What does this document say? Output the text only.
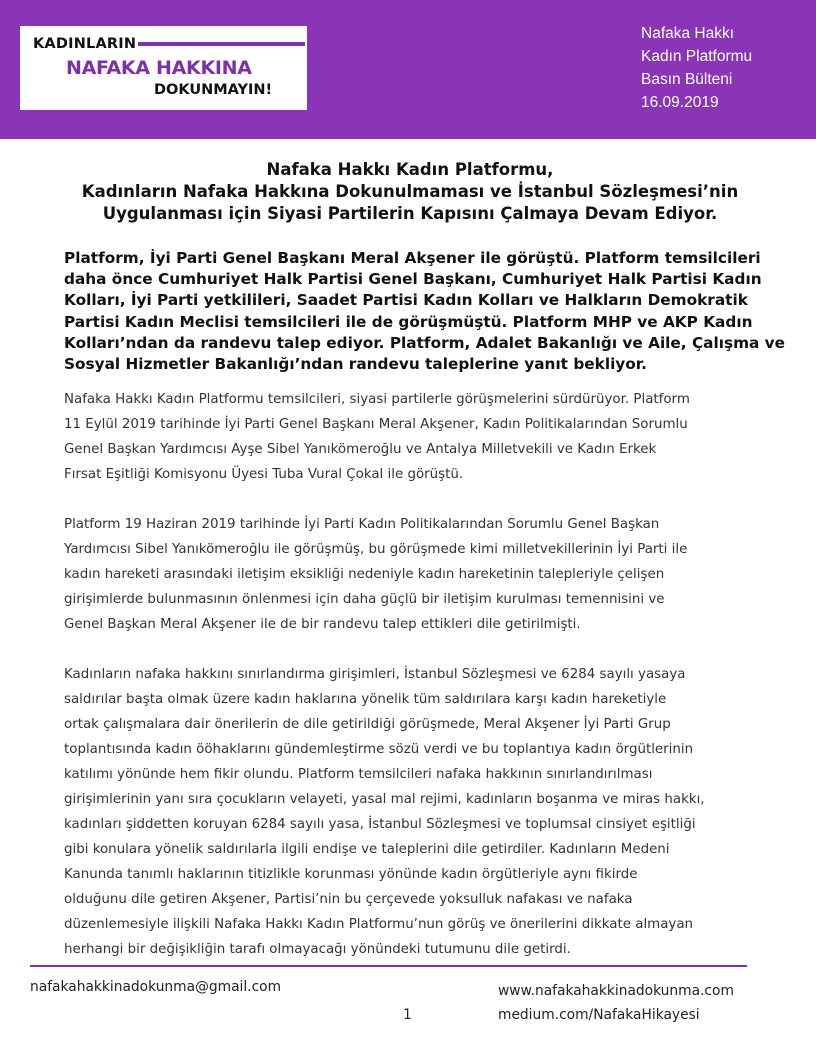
KADINLARIN
NAFAKA HAKKINA
DOKUNMAYIN!
Nafaka Hakkı
Kadın Platformu
Basın Bülteni
16.09.2019
Nafaka Hakkı Kadın Platformu,
Kadınların Nafaka Hakkına Dokunulmaması ve İstanbul Sözleşmesi’nin
Uygulanması için Siyasi Partilerin Kapısını Çalmaya Devam Ediyor.
Platform, İyi Parti Genel Başkanı Meral Akşener ile görüştü. Platform temsilcileri
daha önce Cumhuriyet Halk Partisi Genel Başkanı, Cumhuriyet Halk Partisi Kadın
Kolları, İyi Parti yetkilileri, Saadet Partisi Kadın Kolları ve Halkların Demokratik
Partisi Kadın Meclisi temsilcileri ile de görüşmüştü. Platform MHP ve AKP Kadın
Kolları’ndan da randevu talep ediyor. Platform, Adalet Bakanlığı ve Aile, Çalışma ve
Sosyal Hizmetler Bakanlığı’ndan randevu taleplerine yanıt bekliyor.
Nafaka Hakkı Kadın Platformu temsilcileri, siyasi partilerle görüşmelerini sürdürüyor. Platform
11 Eylül 2019 tarihinde İyi Parti Genel Başkanı Meral Akşener, Kadın Politikalarından Sorumlu
Genel Başkan Yardımcısı Ayşe Sibel Yanıkömeroğlu ve Antalya Milletvekili ve Kadın Erkek
Fırsat Eşitliği Komisyonu Üyesi Tuba Vural Çokal ile görüştü.
Platform 19 Haziran 2019 tarihinde İyi Parti Kadın Politikalarından Sorumlu Genel Başkan
Yardımcısı Sibel Yanıkömeroğlu ile görüşmüş, bu görüşmede kimi milletvekillerinin İyi Parti ile
kadın hareketi arasındaki iletişim eksikliği nedeniyle kadın hareketinin talepleriyle çelişen
girişimlerde bulunmasının önlenmesi için daha güçlü bir iletişim kurulması temennisini ve
Genel Başkan Meral Akşener ile de bir randevu talep ettikleri dile getirilmişti.
Kadınların nafaka hakkını sınırlandırma girişimleri, İstanbul Sözleşmesi ve 6284 sayılı yasaya
saldırılar başta olmak üzere kadın haklarına yönelik tüm saldırılara karşı kadın hareketiyle
ortak çalışmalara dair önerilerin de dile getirildiği görüşmede, Meral Akşener İyi Parti Grup
toplantısında kadın ööhaklarını gündemleştirme sözü verdi ve bu toplantıya kadın örgütlerinin
katılımı yönünde hem fikir olundu. Platform temsilcileri nafaka hakkının sınırlandırılması
girişimlerinin yanı sıra çocukların velayeti, yasal mal rejimi, kadınların boşanma ve miras hakkı,
kadınları şiddetten koruyan 6284 sayılı yasa, İstanbul Sözleşmesi ve toplumsal cinsiyet eşitliği
gibi konulara yönelik saldırılarla ilgili endişe ve taleplerini dile getirdiler. Kadınların Medeni
Kanunda tanımlı haklarının titizlikle korunması yönünde kadın örgütleriyle aynı fikirde
olduğunu dile getiren Akşener, Partisi’nin bu çerçevede yoksulluk nafakası ve nafaka
düzenlemesiyle ilişkili Nafaka Hakkı Kadın Platformu’nun görüş ve önerilerini dikkate almayan
herhangi bir değişikliğin tarafı olmayacağı yönündeki tutumunu dile getirdi.
nafakahakkinadokunma@gmail.com
1
www.nafakahakkinadokunma.com
medium.com/NafakaHikayesi
